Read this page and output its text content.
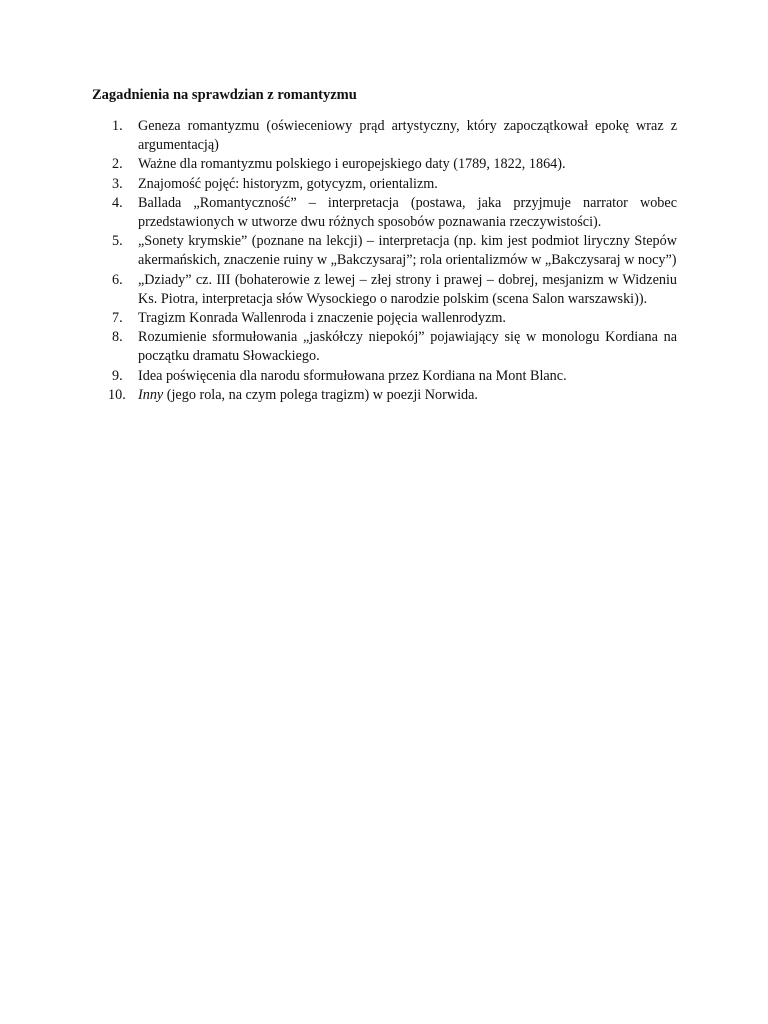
Zagadnienia na sprawdzian z romantyzmu
1.	Geneza romantyzmu (oświeceniowy prąd artystyczny, który zapoczątkował epokę wraz z argumentacją)
2.	Ważne dla romantyzmu polskiego i europejskiego daty (1789, 1822, 1864).
3.	Znajomość pojęć: historyzm, gotycyzm, orientalizm.
4.	Ballada „Romantyczność” – interpretacja (postawa, jaka przyjmuje narrator wobec przedstawionych w utworze dwu różnych sposobów poznawania rzeczywistości).
5.	„Sonety krymskie” (poznane na lekcji) – interpretacja (np. kim jest podmiot liryczny Stepów akermańskich, znaczenie ruiny w „Bakczysaraj”; rola orientalizmów w „Bakczysaraj w nocy”)
6.	„Dziady” cz. III (bohaterowie z lewej – złej strony i prawej – dobrej, mesjanizm w Widzeniu Ks. Piotra, interpretacja słów Wysockiego o narodzie polskim (scena Salon warszawski)).
7.	Tragizm Konrada Wallenroda i znaczenie pojęcia wallenrodyzm.
8.	Rozumienie sformułowania „jaskółczy niepokój” pojawiający się w monologu Kordiana na początku dramatu Słowackiego.
9.	Idea poświęcenia dla narodu sformułowana przez Kordiana na Mont Blanc.
10. Inny (jego rola, na czym polega tragizm) w poezji Norwida.
